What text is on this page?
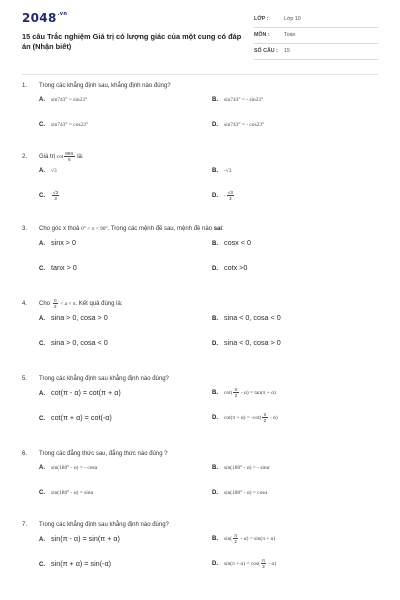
$2048^{.vn}$
15 câu Trắc nghiệm Giá trị có lượng giác của một cung có đáp án (Nhận biết)
LỚP :	Lớp 10
MÔN :	Toán
SỐ CÂU : 15
1. Trong các khẳng định sau, khẳng định nào đúng?
A. sin743° = sin23°	B. sin743° = - sin23°
C. sin743° = cos23°	D. sin743° = - cos23°
2. Giá trị $\cot \frac{89\pi}{6}$ là:
A. √3	B. -√3
C. $\frac{√3}{3}$	D. - $\frac{√3}{3}$
3. Cho góc x thoả 0° < x < 90°. Trong các mệnh đề sau, mệnh đề nào sai:
A. sinx > 0	B. cosx < 0
C. tanx > 0	D. cotx >0
4. Cho $\frac{\pi}{2} < a < \pi$. Kết quả đúng là:
A. sina > 0, cosa > 0	B. sina < 0, cosa < 0
C. sina > 0, cosa < 0	D. sina < 0, cosa > 0
5. Trong các khẳng định sau khẳng định nào đúng?
A. cot(π - α) = cot(π + α)	B. $\cot( \frac{\pi}{2} - \alpha) = \tan(\pi + \alpha)$
C. cot(π + α) = cot(-α)	D. $\cot(\pi + \alpha) = -\cot( \frac{\pi}{2} - \alpha)$
6. Trong các đẳng thức sau, đẳng thức nào đúng ?
A. sin(180° - α) = - cosα	B. sin(180° - α) = - sinα
C. sin(180° - α) = sinα	D. sin(180° - α) = cosα
7. Trong các khẳng định sau khẳng định nào đúng?
A. sin(π - α) = sin(π + α)	B. $\sin( \frac{\pi}{2} - \alpha) = \sin(\pi + \alpha)$
C. sin(π + α) = sin(-α)	D. $\sin(\pi + \alpha) = \cos( \frac{\pi}{2} - \alpha)$
